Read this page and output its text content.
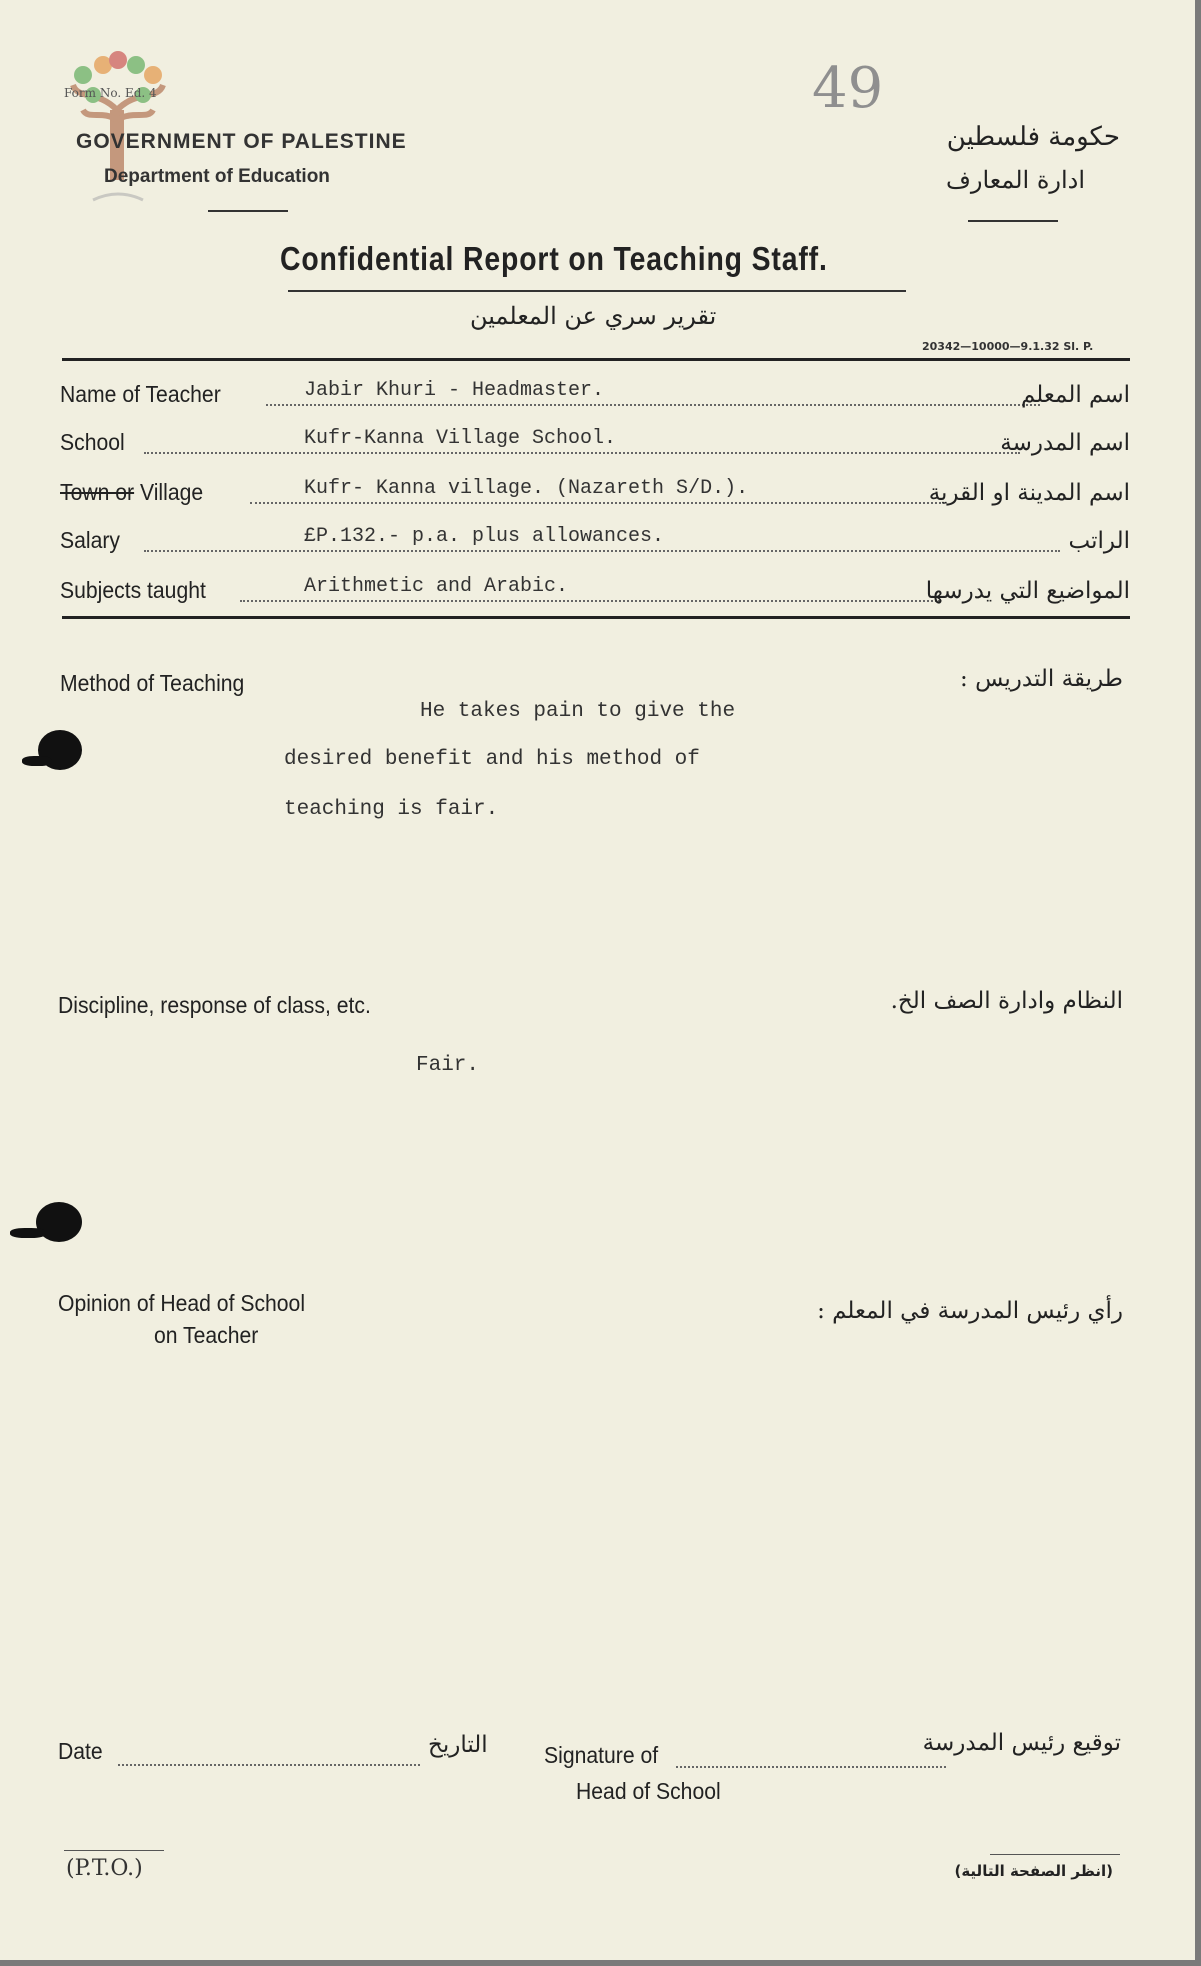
Form No. Ed. 4
GOVERNMENT OF PALESTINE
Department of Education
49
حكومة فلسطين
ادارة المعارف
Confidential Report on Teaching Staff.
تقرير سري عن المعلمين
20342—10000—9.1.32 Sl. P.
Name of Teacher	Jabir Khuri - Headmaster.	اسم المعلم
School	Kufr-Kanna Village School.	اسم المدرسة
Town or Village	Kufr- Kanna village. (Nazareth S/D.).	اسم المدينة او القرية
Salary	£P.132.- p.a. plus allowances.	الراتب
Subjects taught	Arithmetic and Arabic.	المواضيع التي يدرسها
Method of Teaching	طريقة التدريس :
He takes pain to give the
desired benefit and his method of
teaching is fair.
Discipline, response of class, etc.	النظام وادارة الصف الخ.
Fair.
Opinion of Head of School
on Teacher
رأي رئيس المدرسة في المعلم :
Date	التاريخ Signature of	توقيع رئيس المدرسة
Head of School
(P.T.O.)	(انظر الصفحة التالية)
